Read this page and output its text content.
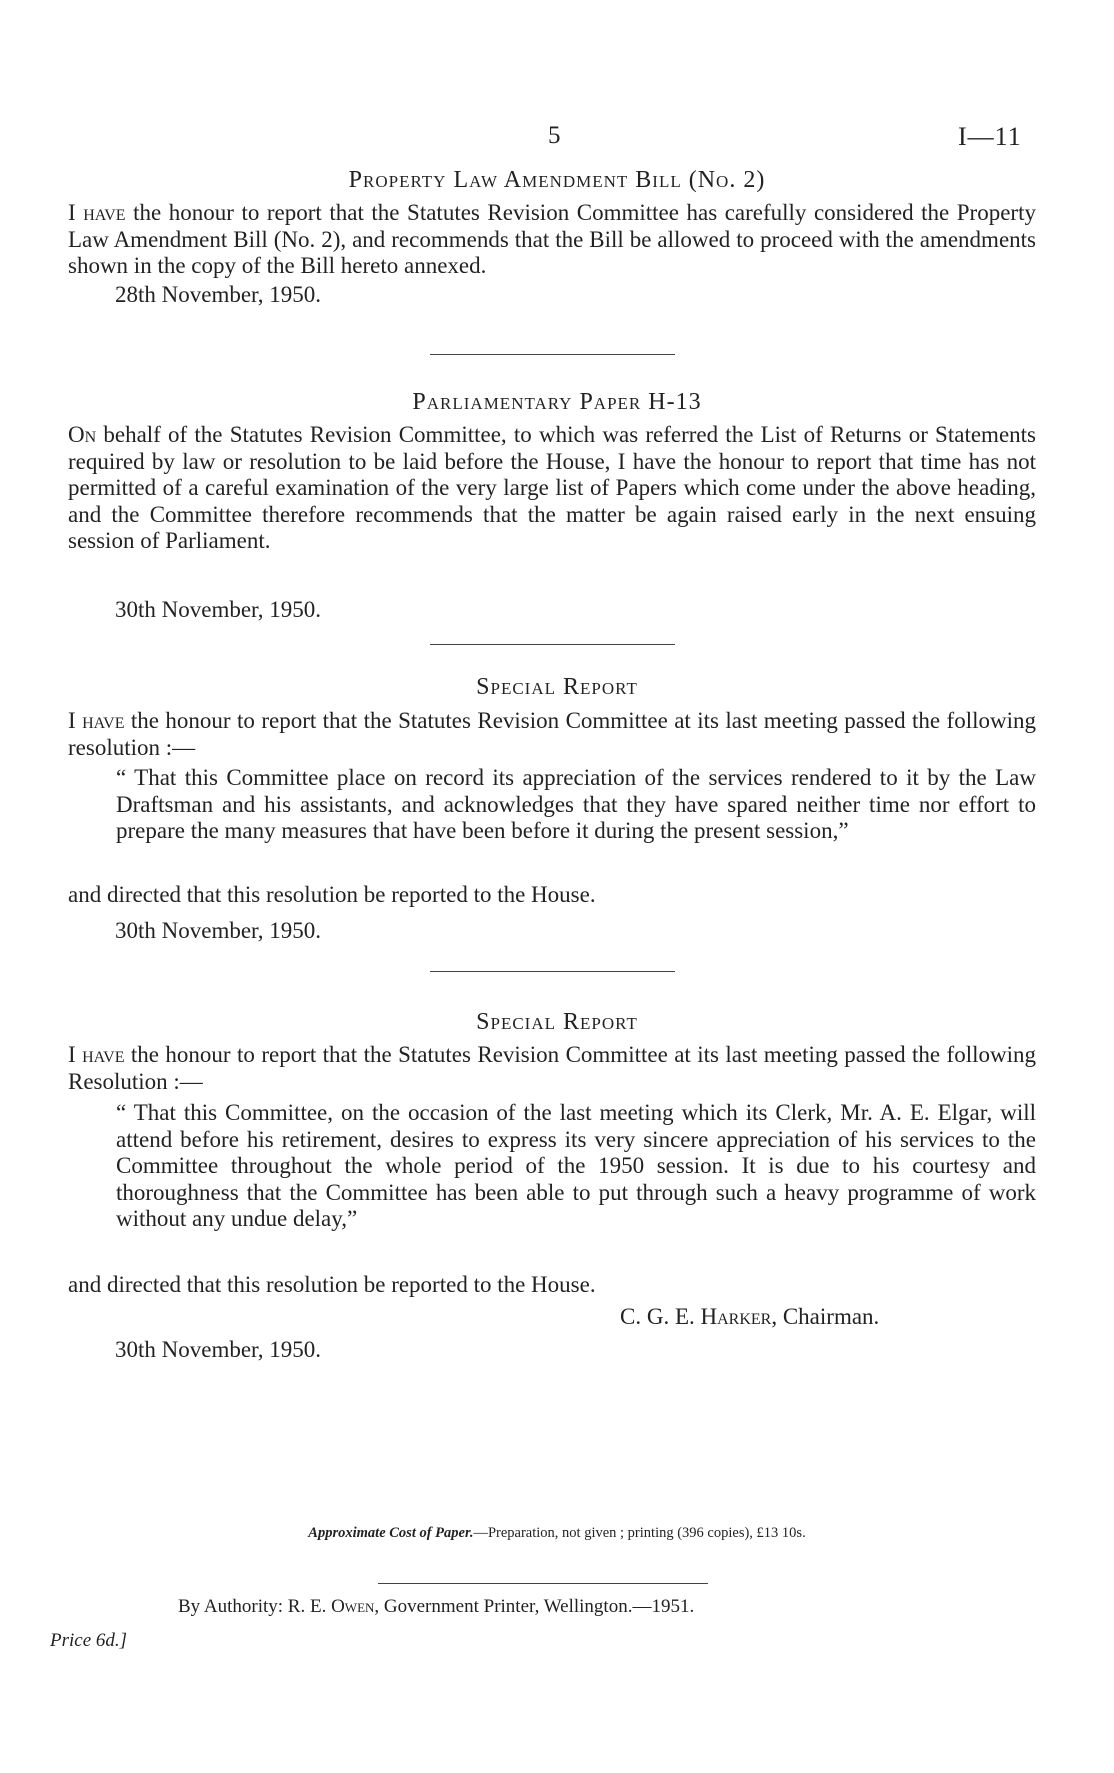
5	I—11
Property Law Amendment Bill (No. 2)

I have the honour to report that the Statutes Revision Committee has carefully considered the Property Law Amendment Bill (No. 2), and recommends that the Bill be allowed to proceed with the amendments shown in the copy of the Bill hereto annexed.

28th November, 1950.
Parliamentary Paper H-13

On behalf of the Statutes Revision Committee, to which was referred the List of Returns or Statements required by law or resolution to be laid before the House, I have the honour to report that time has not permitted of a careful examination of the very large list of Papers which come under the above heading, and the Committee therefore recommends that the matter be again raised early in the next ensuing session of Parliament.

30th November, 1950.
Special Report

I have the honour to report that the Statutes Revision Committee at its last meeting passed the following resolution :—

“ That this Committee place on record its appreciation of the services rendered to it by the Law Draftsman and his assistants, and acknowledges that they have spared neither time nor effort to prepare the many measures that have been before it during the present session,”

and directed that this resolution be reported to the House.
30th November, 1950.
Special Report

I have the honour to report that the Statutes Revision Committee at its last meeting passed the following Resolution :—

“ That this Committee, on the occasion of the last meeting which its Clerk, Mr. A. E. Elgar, will attend before his retirement, desires to express its very sincere appreciation of his services to the Committee throughout the whole period of the 1950 session. It is due to his courtesy and thoroughness that the Committee has been able to put through such a heavy programme of work without any undue delay,”

and directed that this resolution be reported to the House.
C. G. E. Harker, Chairman.
30th November, 1950.
Approximate Cost of Paper.—Preparation, not given ; printing (396 copies), £13 10s.
By Authority: R. E. Owen, Government Printer, Wellington.—1951.
Price 6d.]
